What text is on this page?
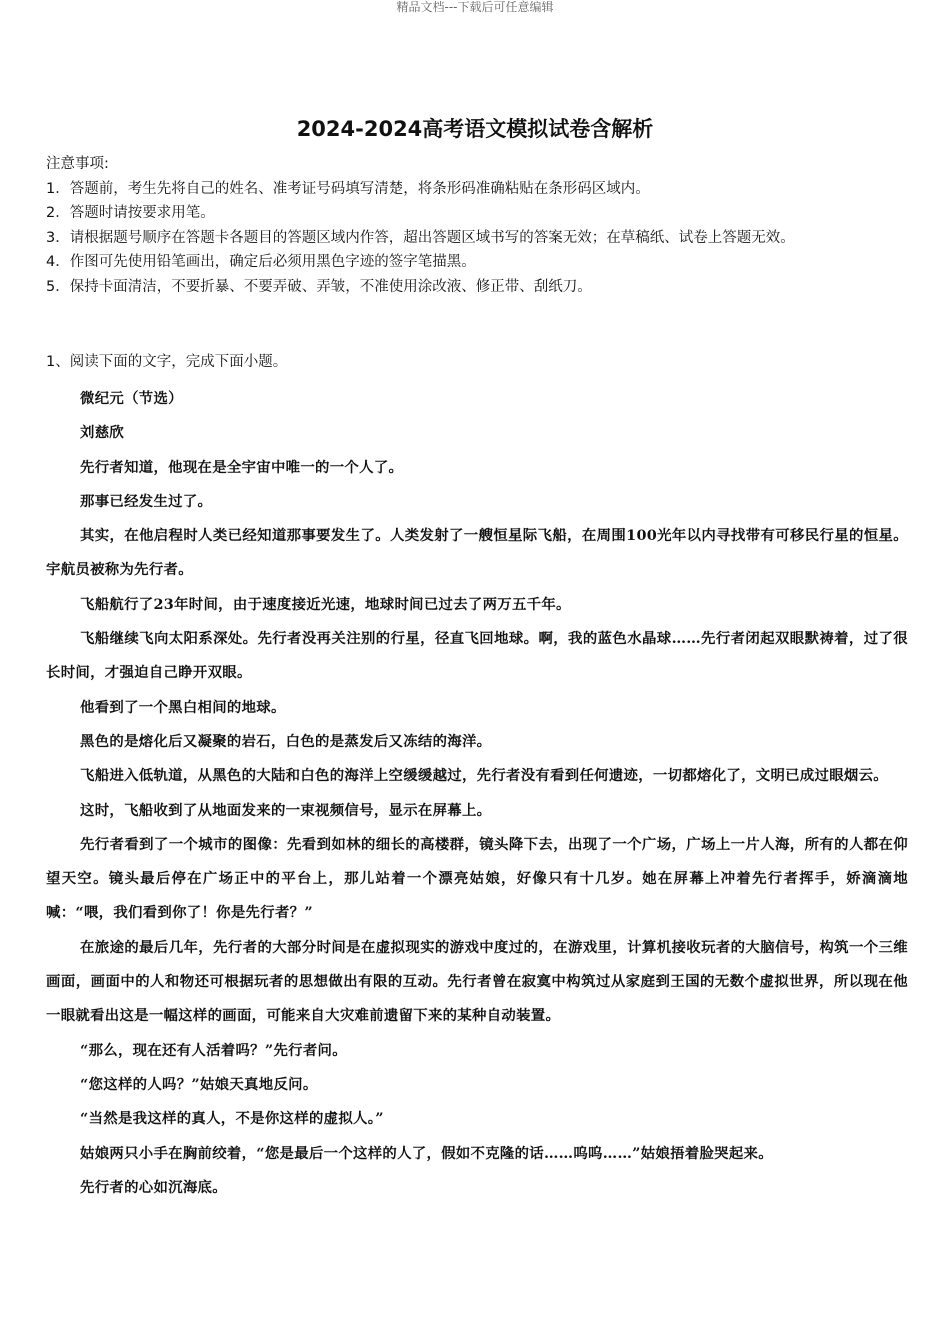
精品文档---下载后可任意编辑
2024-2024高考语文模拟试卷含解析
注意事项:
1．答题前，考生先将自己的姓名、准考证号码填写清楚，将条形码准确粘贴在条形码区域内。
2．答题时请按要求用笔。
3．请根据题号顺序在答题卡各题目的答题区域内作答，超出答题区域书写的答案无效；在草稿纸、试卷上答题无效。
4．作图可先使用铅笔画出，确定后必须用黑色字迹的签字笔描黑。
5．保持卡面清洁，不要折暴、不要弄破、弄皱，不准使用涂改液、修正带、刮纸刀。
1、阅读下面的文字，完成下面小题。

微纪元（节选）

刘慈欣

先行者知道，他现在是全宇宙中唯一的一个人了。

那事已经发生过了。

其实，在他启程时人类已经知道那事要发生了。人类发射了一艘恒星际飞船，在周围100光年以内寻找带有可移民行星的恒星。宇航员被称为先行者。

飞船航行了23年时间，由于速度接近光速，地球时间已过去了两万五千年。

飞船继续飞向太阳系深处。先行者没再关注别的行星，径直飞回地球。啊，我的蓝色水晶球……先行者闭起双眼默祷着，过了很长时间，才强迫自己睁开双眼。

他看到了一个黑白相间的地球。

黑色的是熔化后又凝聚的岩石，白色的是蒸发后又冻结的海洋。

飞船进入低轨道，从黑色的大陆和白色的海洋上空缓缓越过，先行者没有看到任何遗迹，一切都熔化了，文明已成过眼烟云。

这时，飞船收到了从地面发来的一束视频信号，显示在屏幕上。

先行者看到了一个城市的图像：先看到如林的细长的高楼群，镜头降下去，出现了一个广场，广场上一片人海，所有的人都在仰望天空。镜头最后停在广场正中的平台上，那儿站着一个漂亮姑娘，好像只有十几岁。她在屏幕上冲着先行者挥手，娇滴滴地喊：“喂，我们看到你了！你是先行者？”

在旅途的最后几年，先行者的大部分时间是在虚拟现实的游戏中度过的，在游戏里，计算机接收玩者的大脑信号，构筑一个三维画面，画面中的人和物还可根据玩者的思想做出有限的互动。先行者曾在寂寞中构筑过从家庭到王国的无数个虚拟世界，所以现在他一眼就看出这是一幅这样的画面，可能来自大灾难前遗留下来的某种自动装置。

“那么，现在还有人活着吗？”先行者问。

“您这样的人吗？”姑娘天真地反问。

“当然是我这样的真人，不是你这样的虚拟人。”

姑娘两只小手在胸前绞着，“您是最后一个这样的人了，假如不克隆的话……呜呜……”姑娘捂着脸哭起来。

先行者的心如沉海底。
